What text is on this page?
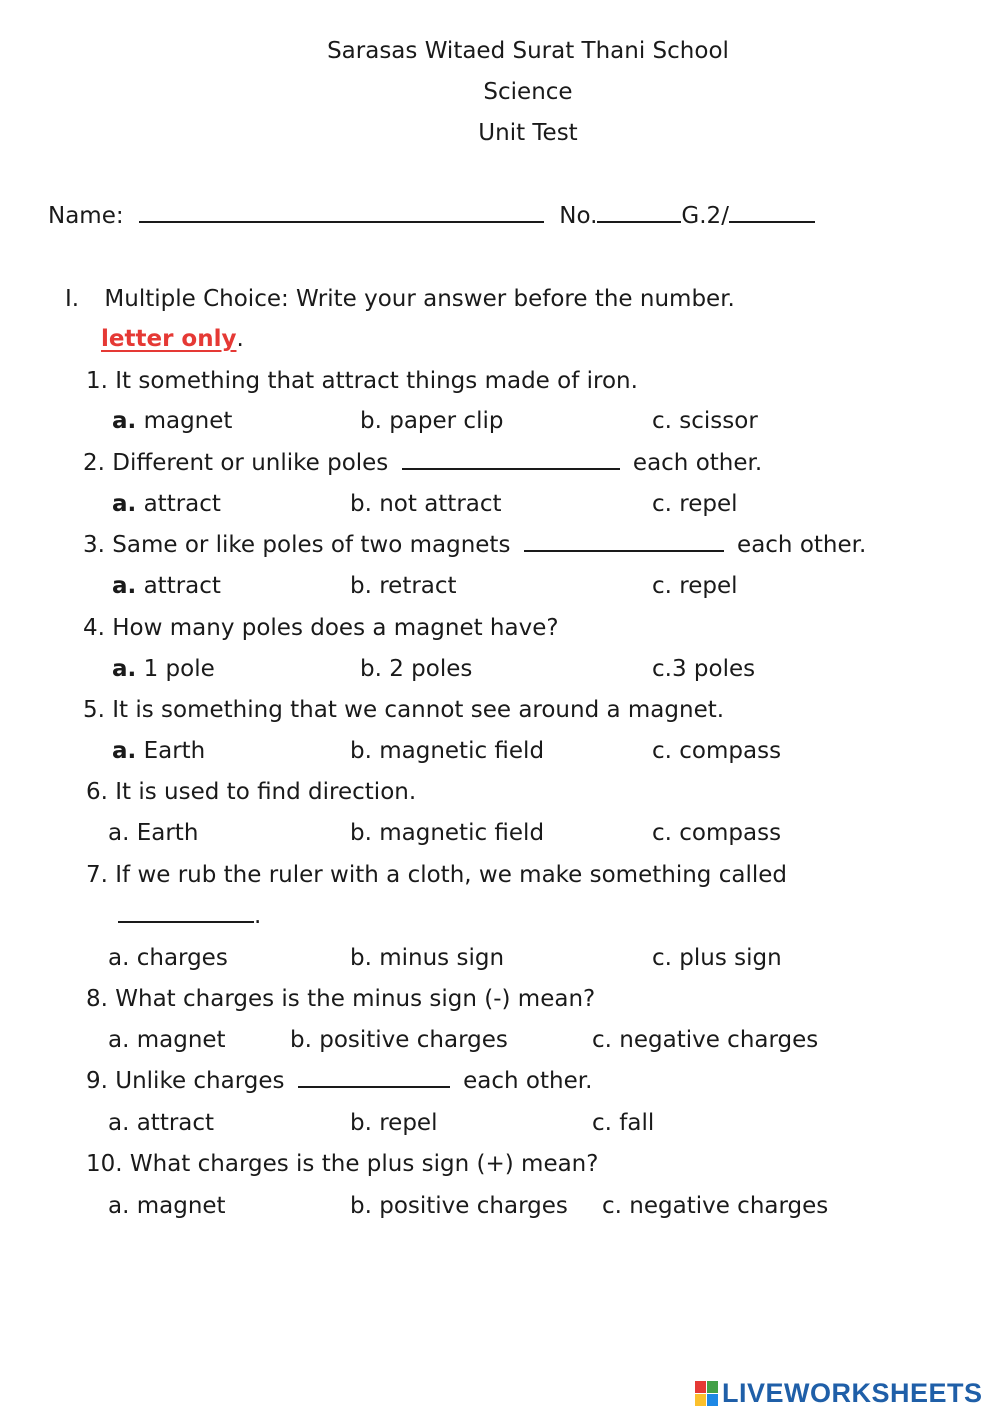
Sarasas Witaed Surat Thani School
Science
Unit Test
Name:	No.	G.2/
I. Multiple Choice: Write your answer before the number.
letter only.
1. It something that attract things made of iron.
a. magnet	b. paper clip	c. scissor
2. Different or unlike poles	each other.
a. attract	b. not attract	c. repel
3. Same or like poles of two magnets	each other.
a. attract	b. retract	c. repel
4. How many poles does a magnet have?
a. 1 pole	b. 2 poles	c.3 poles
5. It is something that we cannot see around a magnet.
a. Earth	b. magnetic field	c. compass
6. It is used to find direction.
a. Earth	b. magnetic field	c. compass
7. If we rub the ruler with a cloth, we make something called
.
a. charges	b. minus sign	c. plus sign
8. What charges is the minus sign (-) mean?
a. magnet	b. positive charges	c. negative charges
9. Unlike charges	each other.
a. attract	b. repel	c. fall
10. What charges is the plus sign (+) mean?
a. magnet	b. positive charges c. negative charges
LIVEWORKSHEETS
